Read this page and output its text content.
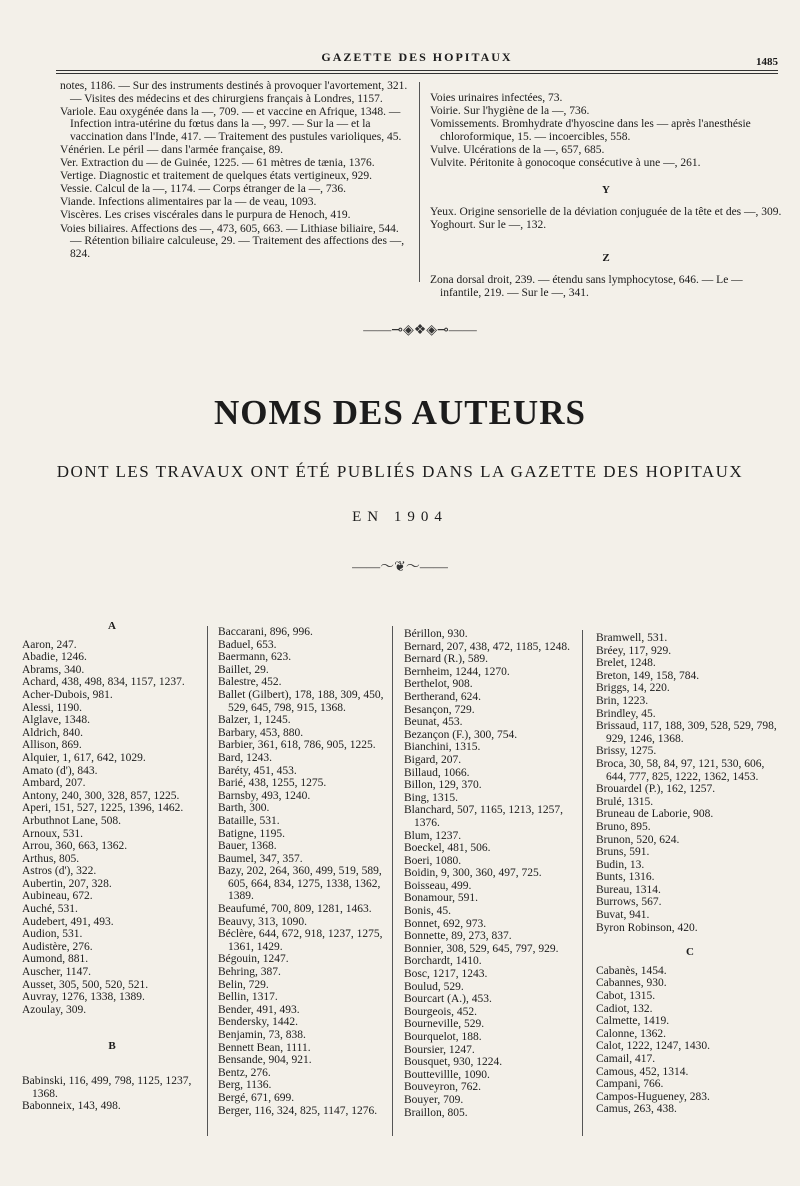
GAZETTE DES HOPITAUX	1485

notes, 1186. — Sur des instruments destinés à provoquer l'avortement, 321. — Visites des médecins et des chirurgiens français à Londres, 1157.

Variole. Eau oxygénée dans la —, 709. — et vaccine en Afrique, 1348. — Infection intra-utérine du fœtus dans la —, 997. — Sur la — et la vaccination dans l'Inde, 417. — Traitement des pustules varioliques, 45.

Vénérien. Le péril — dans l'armée française, 89.

Ver. Extraction du — de Guinée, 1225. — 61 mètres de tænia, 1376.

Vertige. Diagnostic et traitement de quelques états vertigineux, 929.

Vessie. Calcul de la —, 1174. — Corps étranger de la —, 736.

Viande. Infections alimentaires par la — de veau, 1093.

Viscères. Les crises viscérales dans le purpura de Henoch, 419.

Voies biliaires. Affections des —, 473, 605, 663. — Lithiase biliaire, 544. — Rétention biliaire calculeuse, 29. — Traitement des affections des —, 824.

Voies urinaires infectées, 73.

Voirie. Sur l'hygiène de la —, 736.

Vomissements. Bromhydrate d'hyoscine dans les — après l'anesthésie chloroformique, 15. — incoercibles, 558.

Vulve. Ulcérations de la —, 657, 685.

Vulvite. Péritonite à gonocoque consécutive à une —, 261.

Y

Yeux. Origine sensorielle de la déviation conjuguée de la tête et des —, 309.

Yoghourt. Sur le —, 132.

Z

Zona dorsal droit, 239. — étendu sans lymphocytose, 646. — Le — infantile, 219. — Sur le —, 341.

——⊸◈❖◈⊸——
NOMS DES AUTEURS
DONT LES TRAVAUX ONT ÉTÉ PUBLIÉS DANS LA GAZETTE DES HOPITAUX
EN 1904
——〜❦〜——
A

Aaron, 247.

Abadie, 1246.

Abrams, 340.

Achard, 438, 498, 834, 1157, 1237.

Acher-Dubois, 981.

Alessi, 1190.

Alglave, 1348.

Aldrich, 840.

Allison, 869.

Alquier, 1, 617, 642, 1029.

Amato (d'), 843.

Ambard, 207.

Antony, 240, 300, 328, 857, 1225.

Aperi, 151, 527, 1225, 1396, 1462.

Arbuthnot Lane, 508.

Arnoux, 531.

Arrou, 360, 663, 1362.

Arthus, 805.

Astros (d'), 322.

Aubertin, 207, 328.

Aubineau, 672.

Auché, 531.

Audebert, 491, 493.

Audion, 531.

Audistère, 276.

Aumond, 881.

Auscher, 1147.

Ausset, 305, 500, 520, 521.

Auvray, 1276, 1338, 1389.

Azoulay, 309.

B

Babinski, 116, 499, 798, 1125, 1237, 1368.

Babonneix, 143, 498.

Baccarani, 896, 996.

Baduel, 653.

Baermann, 623.

Baillet, 29.

Balestre, 452.

Ballet (Gilbert), 178, 188, 309, 450, 529, 645, 798, 915, 1368.

Balzer, 1, 1245.

Barbary, 453, 880.

Barbier, 361, 618, 786, 905, 1225.

Bard, 1243.

Baréty, 451, 453.

Barié, 438, 1255, 1275.

Barnsby, 493, 1240.

Barth, 300.

Bataille, 531.

Batigne, 1195.

Bauer, 1368.

Baumel, 347, 357.

Bazy, 202, 264, 360, 499, 519, 589, 605, 664, 834, 1275, 1338, 1362, 1389.

Beaufumé, 700, 809, 1281, 1463.

Beauvy, 313, 1090.

Béclère, 644, 672, 918, 1237, 1275, 1361, 1429.

Bégouin, 1247.

Behring, 387.

Belin, 729.

Bellin, 1317.

Bender, 491, 493.

Bendersky, 1442.

Benjamin, 73, 838.

Bennett Bean, 1111.

Bensande, 904, 921.

Bentz, 276.

Berg, 1136.

Bergé, 671, 699.

Berger, 116, 324, 825, 1147, 1276.

Bérillon, 930.

Bernard, 207, 438, 472, 1185, 1248.

Bernard (R.), 589.

Bernheim, 1244, 1270.

Berthelot, 908.

Bertherand, 624.

Besançon, 729.

Beunat, 453.

Bezançon (F.), 300, 754.

Bianchini, 1315.

Bigard, 207.

Billaud, 1066.

Billon, 129, 370.

Bing, 1315.

Blanchard, 507, 1165, 1213, 1257, 1376.

Blum, 1237.

Boeckel, 481, 506.

Boeri, 1080.

Boidin, 9, 300, 360, 497, 725.

Boisseau, 499.

Bonamour, 591.

Bonis, 45.

Bonnet, 692, 973.

Bonnette, 89, 273, 837.

Bonnier, 308, 529, 645, 797, 929.

Borchardt, 1410.

Bosc, 1217, 1243.

Boulud, 529.

Bourcart (A.), 453.

Bourgeois, 452.

Bourneville, 529.

Bourquelot, 188.

Boursier, 1247.

Bousquet, 930, 1224.

Bouttevillle, 1090.

Bouveyron, 762.

Bouyer, 709.

Braillon, 805.

Bramwell, 531.

Bréey, 117, 929.

Brelet, 1248.

Breton, 149, 158, 784.

Briggs, 14, 220.

Brin, 1223.

Brindley, 45.

Brissaud, 117, 188, 309, 528, 529, 798, 929, 1246, 1368.

Brissy, 1275.

Broca, 30, 58, 84, 97, 121, 530, 606, 644, 777, 825, 1222, 1362, 1453.

Brouardel (P.), 162, 1257.

Brulé, 1315.

Bruneau de Laborie, 908.

Bruno, 895.

Brunon, 520, 624.

Bruns, 591.

Budin, 13.

Bunts, 1316.

Bureau, 1314.

Burrows, 567.

Buvat, 941.

Byron Robinson, 420.

C

Cabanès, 1454.

Cabannes, 930.

Cabot, 1315.

Cadiot, 132.

Calmette, 1419.

Calonne, 1362.

Calot, 1222, 1247, 1430.

Camail, 417.

Camous, 452, 1314.

Campani, 766.

Campos-Hugueney, 283.

Camus, 263, 438.
